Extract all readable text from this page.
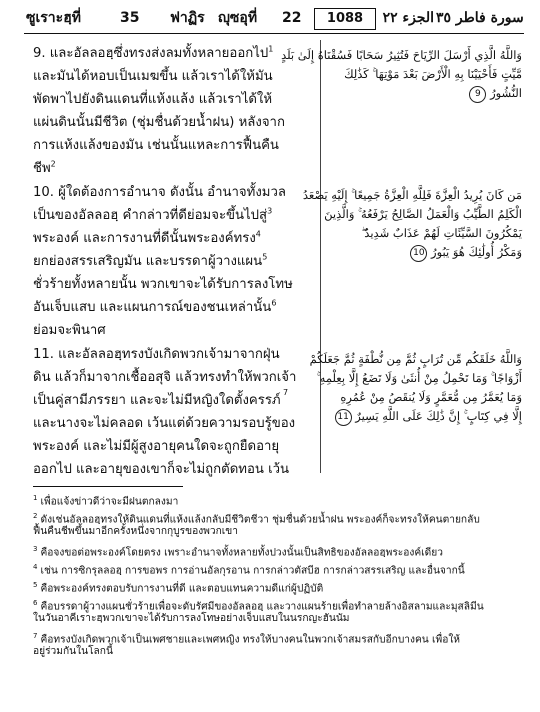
ซูเราะฮฺที่	35 ฟาฏิร ญุซอุที่ 22	1088	الجزء ٢٢ سورة فاطر ٣٥
9. และอัลลอฮฺซึ่งทรงส่งลมทั้งหลายออกไป$^1$
และมันได้หอบเป็นเมฆขึ้น แล้วเราได้ให้มัน
พัดพาไปยังดินแดนที่แห้งแล้ง แล้วเราได้ให้
แผ่นดินนั้นมีชีวิต (ชุ่มชื่นด้วยน้ำฝน) หลังจาก
การแห้งแล้งของมัน เช่นนั้นแหละการฟื้นคืน
ชีพ$^2$
وَاللَّهُ الَّذِي أَرْسَلَ الرِّيَاحَ فَتُثِيرُ سَحَابًا فَسُقْنَاهُ إِلَىٰ بَلَدٍ
مَّيِّتٍ فَأَحْيَيْنَا بِهِ الْأَرْضَ بَعْدَ مَوْتِهَا ۚ كَذَٰلِكَ
النُّشُورُ 9
10. ผู้ใดต้องการอำนาจ ดังนั้น อำนาจทั้งมวล
เป็นของอัลลอฮฺ คำกล่าวที่ดีย่อมจะขึ้นไปสู่$^3$
พระองค์ และการงานที่ดีนั้นพระองค์ทรง$^4$
ยกย่องสรรเสริญมัน และบรรดาผู้วางแผน$^5$
ชั่วร้ายทั้งหลายนั้น พวกเขาจะได้รับการลงโทษ
อันเจ็บแสบ และแผนการณ์ของชนเหล่านั้น$^6$
ย่อมจะพินาศ
مَن كَانَ يُرِيدُ الْعِزَّةَ فَلِلَّهِ الْعِزَّةُ جَمِيعًا ۚ إِلَيْهِ يَصْعَدُ
الْكَلِمُ الطَّيِّبُ وَالْعَمَلُ الصَّالِحُ يَرْفَعُهُ ۚ وَالَّذِينَ
يَمْكُرُونَ السَّيِّئَاتِ لَهُمْ عَذَابٌ شَدِيدٌ ۖ
وَمَكْرُ أُولَٰئِكَ هُوَ يَبُورُ 10
11. และอัลลอฮฺทรงบังเกิดพวกเจ้ามาจากฝุ่น
ดิน แล้วก็มาจากเชื้ออสุจิ แล้วทรงทำให้พวกเจ้า
เป็นคู่สามีภรรยา และจะไม่มีหญิงใดตั้งครรภ์
และนางจะไม่คลอด เว้นแต่ด้วยความรอบรู้ของ
พระองค์ และไม่มีผู้สูงอายุคนใดจะถูกยืดอายุ
ออกไป และอายุของเขาก็จะไม่ถูกตัดทอน เว้น
7
وَاللَّهُ خَلَقَكُم مِّن تُرَابٍ ثُمَّ مِن نُّطْفَةٍ ثُمَّ جَعَلَكُمْ
أَزْوَاجًا ۚ وَمَا تَحْمِلُ مِنْ أُنثَىٰ وَلَا تَضَعُ إِلَّا بِعِلْمِهِ ۚ
وَمَا يُعَمَّرُ مِن مُّعَمَّرٍ وَلَا يُنقَصُ مِنْ عُمُرِهِ
إِلَّا فِي كِتَابٍ ۚ إِنَّ ذَٰلِكَ عَلَى اللَّهِ يَسِيرٌ 11
$^1$ เพื่อแจ้งข่าวดีว่าจะมีฝนตกลงมา
$^2$ ดังเช่นอัลลอฮฺทรงให้ดินแดนที่แห้งแล้งกลับมีชีวิตชีวา ชุ่มชื่นด้วยน้ำฝน พระองค์ก็จะทรงให้คนตายกลับ
ฟื้นคืนชีพขึ้นมาอีกครั้งหนึ่งจากกุบูรของพวกเขา
$^3$ คือจงขอต่อพระองค์โดยตรง เพราะอำนาจทั้งหลายทั้งปวงนั้นเป็นสิทธิของอัลลอฮฺพระองค์เดียว
$^4$ เช่น การซิกรุลลอฮฺ การขอพร การอ่านอัลกุรอาน การกล่าวตัสบีฮ การกล่าวสรรเสริญ และอื่นจากนี้
$^5$ คือพระองค์ทรงตอบรับการงานที่ดี และตอบแทนความดีแก่ผู้ปฏิบัติ
$^6$ คือบรรดาผู้วางแผนชั่วร้ายเพื่อจะดับรัศมีของอัลลอฮฺ และวางแผนร้ายเพื่อทำลายล้างอิสลามและมุสลิมีน
ในวันอาคีเราะฮฺพวกเขาจะได้รับการลงโทษอย่างเจ็บแสบในนรกญะฮันนัม
$^7$ คือทรงบังเกิดพวกเจ้าเป็นเพศชายและเพศหญิง ทรงให้บางคนในพวกเจ้าสมรสกับอีกบางคน เพื่อให้
อยู่ร่วมกันในโลกนี้
